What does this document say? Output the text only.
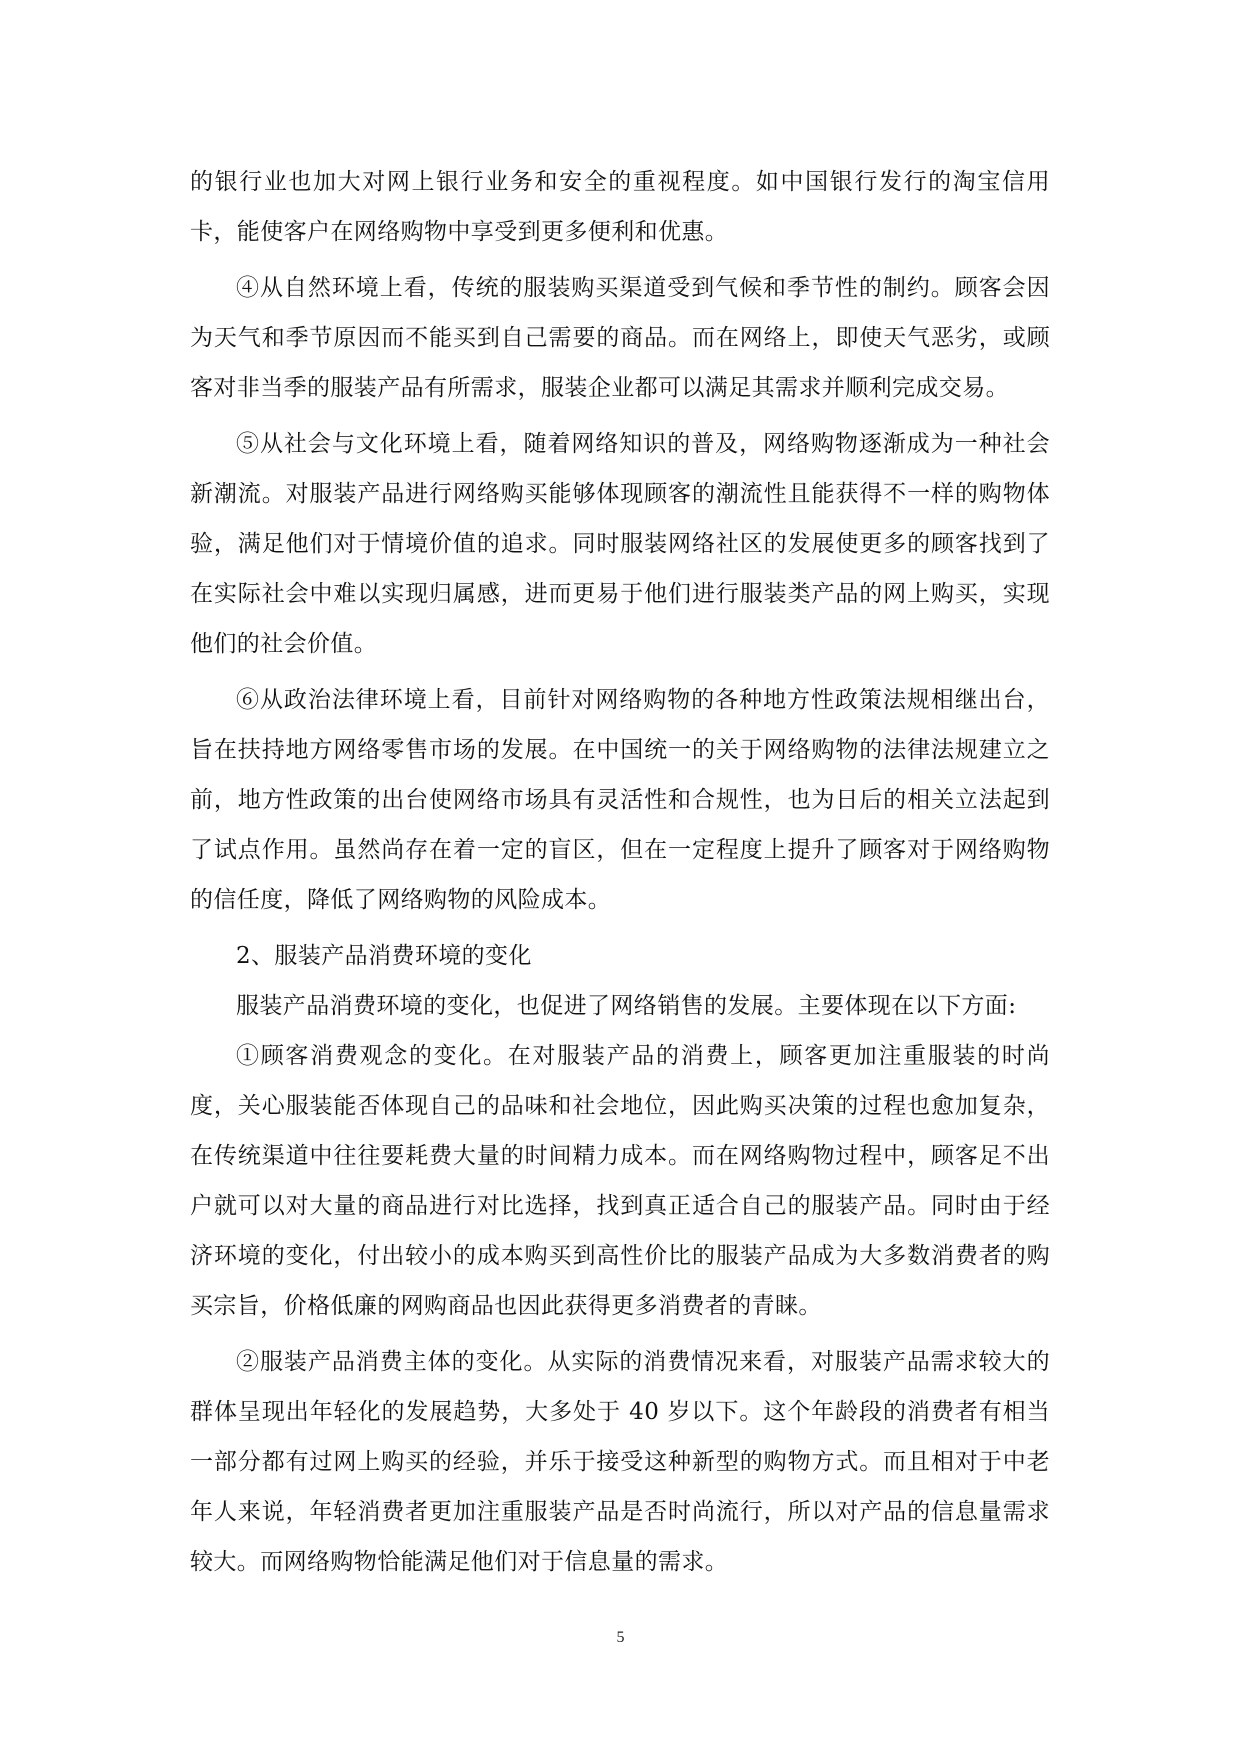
的银行业也加大对网上银行业务和安全的重视程度。如中国银行发行的淘宝信用卡，能使客户在网络购物中享受到更多便利和优惠。

④从自然环境上看，传统的服装购买渠道受到气候和季节性的制约。顾客会因为天气和季节原因而不能买到自己需要的商品。而在网络上，即使天气恶劣，或顾客对非当季的服装产品有所需求，服装企业都可以满足其需求并顺利完成交易。

⑤从社会与文化环境上看，随着网络知识的普及，网络购物逐渐成为一种社会新潮流。对服装产品进行网络购买能够体现顾客的潮流性且能获得不一样的购物体验，满足他们对于情境价值的追求。同时服装网络社区的发展使更多的顾客找到了在实际社会中难以实现归属感，进而更易于他们进行服装类产品的网上购买，实现他们的社会价值。

⑥从政治法律环境上看，目前针对网络购物的各种地方性政策法规相继出台，旨在扶持地方网络零售市场的发展。在中国统一的关于网络购物的法律法规建立之前，地方性政策的出台使网络市场具有灵活性和合规性，也为日后的相关立法起到了试点作用。虽然尚存在着一定的盲区，但在一定程度上提升了顾客对于网络购物的信任度，降低了网络购物的风险成本。

2、服装产品消费环境的变化

服装产品消费环境的变化，也促进了网络销售的发展。主要体现在以下方面:

①顾客消费观念的变化。在对服装产品的消费上，顾客更加注重服装的时尚度，关心服装能否体现自己的品味和社会地位，因此购买决策的过程也愈加复杂，在传统渠道中往往要耗费大量的时间精力成本。而在网络购物过程中，顾客足不出户就可以对大量的商品进行对比选择，找到真正适合自己的服装产品。同时由于经济环境的变化，付出较小的成本购买到高性价比的服装产品成为大多数消费者的购买宗旨，价格低廉的网购商品也因此获得更多消费者的青睐。

②服装产品消费主体的变化。从实际的消费情况来看，对服装产品需求较大的群体呈现出年轻化的发展趋势，大多处于 40 岁以下。这个年龄段的消费者有相当一部分都有过网上购买的经验，并乐于接受这种新型的购物方式。而且相对于中老年人来说，年轻消费者更加注重服装产品是否时尚流行，所以对产品的信息量需求较大。而网络购物恰能满足他们对于信息量的需求。

5
